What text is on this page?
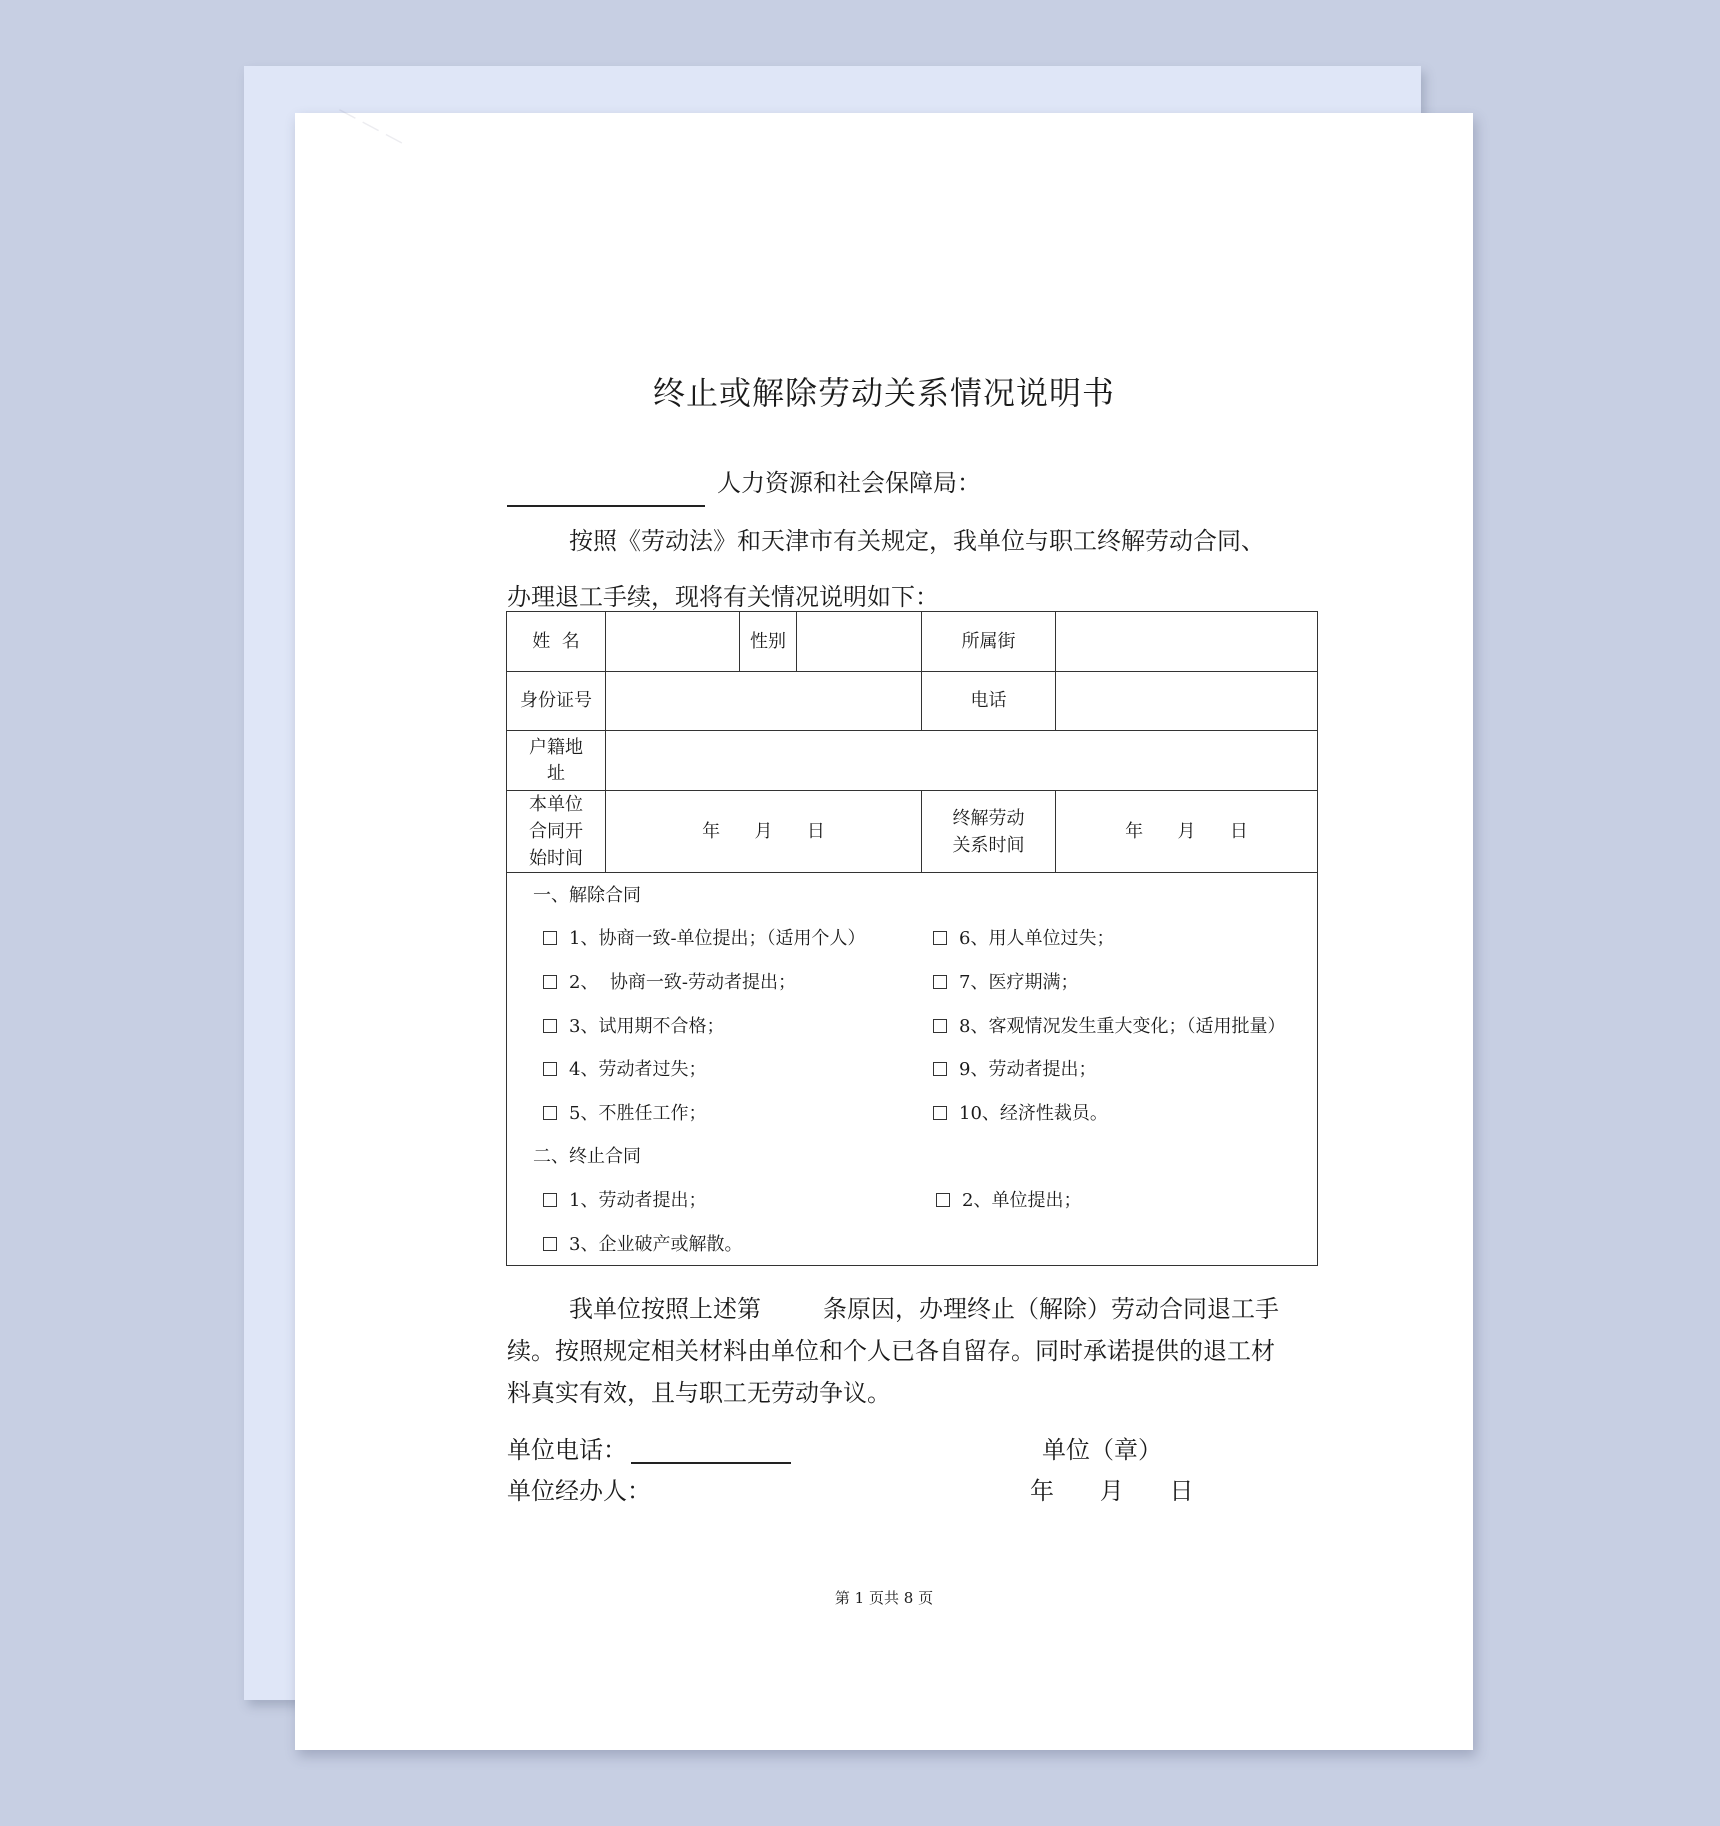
— — —
终止或解除劳动关系情况说明书
人力资源和社会保障局：
按照《劳动法》和天津市有关规定，我单位与职工终解劳动合同、办理退工手续，现将有关情况说明如下：
姓  名		性别		所属街	
身份证号				电话	
户籍地址					
本单位合同开始时间	年      月      日			终解劳动关系时间	年      月      日

一、解除合同
1、协商一致-单位提出；（适用个人）
2、  协商一致-劳动者提出；
3、试用期不合格；
4、劳动者过失；
5、不胜任工作；
6、用人单位过失；
7、医疗期满；
8、客观情况发生重大变化；（适用批量）
9、劳动者提出；
10、经济性裁员。
二、终止合同
1、劳动者提出；	2、单位提出；
3、企业破产或解散。
我单位按照上述第	条原因，办理终止（解除）劳动合同退工手续。按照规定相关材料由单位和个人已各自留存。同时承诺提供的退工材料真实有效，且与职工无劳动争议。
单位电话：	单位（章）
单位经办人：	年      月      日
第 1 页共 8 页
